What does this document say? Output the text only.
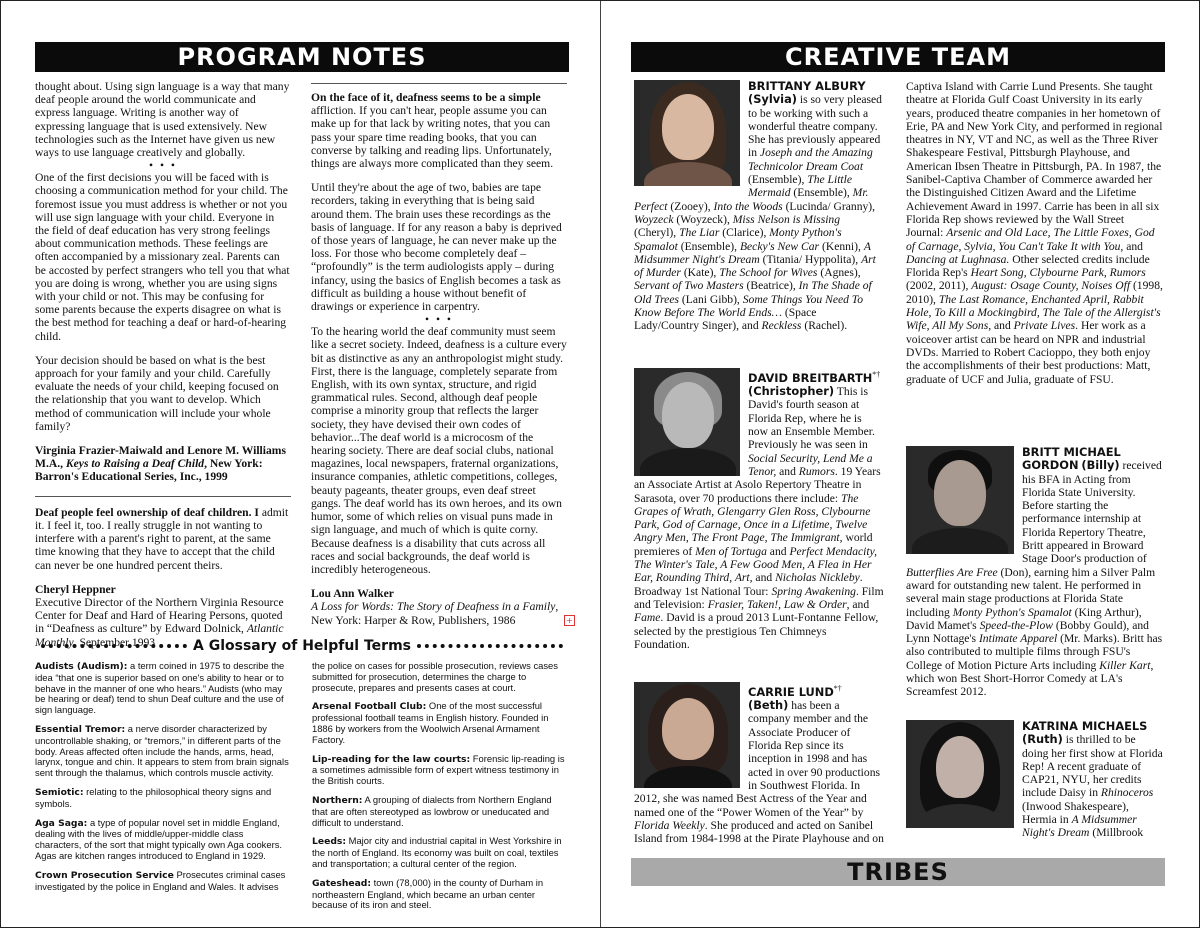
PROGRAM NOTES

thought about. Using sign language is a way that many deaf people around the world communicate and express language. Writing is another way of expressing language that is used extensively. New technologies such as the Internet have given us new ways to use language creatively and globally.

• • •

One of the first decisions you will be faced with is choosing a communication method for your child. The foremost issue you must address is whether or not you will use sign language with your child. Everyone in the field of deaf education has very strong feelings about communication methods. These feelings are often accompanied by a missionary zeal. Parents can be accosted by perfect strangers who tell you that what you are doing is wrong, whether you are using signs with your child or not. This may be confusing for some parents because the experts disagree on what is the best method for teaching a deaf or hard-of-hearing child.

Your decision should be based on what is the best approach for your family and your child. Carefully evaluate the needs of your child, keeping focused on the relationship that you want to develop. Which method of communication will include your whole family?

Virginia Frazier-Maiwald and Lenore M. Williams
M.A., Keys to Raising a Deaf Child, New York: Barron's Educational Series, Inc., 1999

Deaf people feel ownership of deaf children. I admit it. I feel it, too. I really struggle in not wanting to interfere with a parent's right to parent, at the same time knowing that they have to accept that the child can never be one hundred percent theirs.

Cheryl Heppner
Executive Director of the Northern Virginia Resource Center for Deaf and Hard of Hearing Persons, quoted in “Deafness as culture” by Edward Dolnick, Atlantic Monthly, September 1993

On the face of it, deafness seems to be a simple affliction. If you can't hear, people assume you can make up for that lack by writing notes, that you can pass your spare time reading books, that you can converse by talking and reading lips. Unfortunately, things are always more complicated than they seem.

Until they're about the age of two, babies are tape recorders, taking in everything that is being said around them. The brain uses these recordings as the basis of language. If for any reason a baby is deprived of those years of language, he can never make up the loss. For those who become completely deaf – “profoundly” is the term audiologists apply – during infancy, using the basics of English becomes a task as difficult as building a house without benefit of drawings or experience in carpentry.

• • •

To the hearing world the deaf community must seem like a secret society. Indeed, deafness is a culture every bit as distinctive as any an anthropologist might study. First, there is the language, completely separate from English, with its own syntax, structure, and rigid grammatical rules. Second, although deaf people comprise a minority group that reflects the larger society, they have devised their own codes of behavior...The deaf world is a microcosm of the hearing society. There are deaf social clubs, national magazines, local newspapers, fraternal organizations, insurance companies, athletic competitions, colleges, beauty pageants, theater groups, even deaf street gangs. The deaf world has its own heroes, and its own humor, some of which relies on visual puns made in sign language, and much of which is quite corny. Because deafness is a disability that cuts across all races and social backgrounds, the deaf world is incredibly heterogeneous.

Lou Ann Walker
A Loss for Words: The Story of Deafness in a Family, New York: Harper & Row, Publishers, 1986	+
A Glossary of Helpful Terms

Audists (Audism): a term coined in 1975 to describe the idea “that one is superior based on one's ability to hear or to behave in the manner of one who hears.” Audists (who may be hearing or deaf) tend to shun Deaf culture and the use of sign language.

Essential Tremor: a nerve disorder characterized by uncontrollable shaking, or “tremors,” in different parts of the body. Areas affected often include the hands, arms, head, larynx, tongue and chin. It appears to stem from brain signals sent through the thalamus, which controls muscle activity.

Semiotic: relating to the philosophical theory signs and symbols.

Aga Saga: a type of popular novel set in middle England, dealing with the lives of middle/upper-middle class characters, of the sort that might typically own Aga cookers. Agas are kitchen ranges introduced to England in 1929.

Crown Prosecution Service Prosecutes criminal cases investigated by the police in England and Wales. It advises

the police on cases for possible prosecution, reviews cases submitted for prosecution, determines the charge to prosecute, prepares and presents cases at court.

Arsenal Football Club: One of the most successful professional football teams in English history. Founded in 1886 by workers from the Woolwich Arsenal Armament Factory.

Lip-reading for the law courts: Forensic lip-reading is a sometimes admissible form of expert witness testimony in the British courts.

Northern: A grouping of dialects from Northern England that are often stereotyped as lowbrow or uneducated and difficult to understand.

Leeds: Major city and industrial capital in West Yorkshire in the north of England. Its economy was built on coal, textiles and transportation; a cultural center of the region.

Gateshead: town (78,000) in the county of Durham in northeastern England, which became an urban center because of its iron and steel.

CREATIVE TEAM
BRITTANY ALBURY
(Sylvia) is so very pleased to be working with such a wonderful theatre company. She has previously appeared in Joseph and the Amazing Technicolor Dream Coat (Ensemble), The Little Mermaid (Ensemble), Mr. Perfect (Zooey), Into the Woods (Lucinda/ Granny), Woyzeck (Woyzeck), Miss Nelson is Missing (Cheryl), The Liar (Clarice), Monty Python's Spamalot (Ensemble), Becky's New Car (Kenni), A Midsummer Night's Dream (Titania/ Hyppolita), Art of Murder (Kate), The School for Wives (Agnes), Servant of Two Masters (Beatrice), In The Shade of Old Trees (Lani Gibb), Some Things You Need To Know Before The World Ends… (Space Lady/Country Singer), and Reckless (Rachel).
DAVID BREITBARTH*†
(Christopher) This is David's fourth season at Florida Rep, where he is now an Ensemble Member. Previously he was seen in Social Security, Lend Me a Tenor, and Rumors. 19 Years an Associate Artist at Asolo Repertory Theatre in Sarasota, over 70 productions there include: The Grapes of Wrath, Glengarry Glen Ross, Clybourne Park, God of Carnage, Once in a Lifetime, Twelve Angry Men, The Front Page, The Immigrant, world premieres of Men of Tortuga and Perfect Mendacity, The Winter's Tale, A Few Good Men, A Flea in Her Ear, Rounding Third, Art, and Nicholas Nickleby. Broadway 1st National Tour: Spring Awakening. Film and Television: Frasier, Taken!, Law & Order, and Fame. David is a proud 2013 Lunt-Fontanne Fellow, selected by the prestigious Ten Chimneys Foundation.
CARRIE LUND*† (Beth) has been a company member and the Associate Producer of Florida Rep since its inception in 1998 and has acted in over 90 productions in Southwest Florida. In 2012, she was named Best Actress of the Year and named one of the “Power Women of the Year” by Florida Weekly. She produced and acted on Sanibel Island from 1984-1998 at the Pirate Playhouse and on
Captiva Island with Carrie Lund Presents. She taught theatre at Florida Gulf Coast University in its early years, produced theatre companies in her hometown of Erie, PA and New York City, and performed in regional theatres in NY, VT and NC, as well as the Three River Shakespeare Festival, Pittsburgh Playhouse, and American Ibsen Theatre in Pittsburgh, PA. In 1987, the Sanibel-Captiva Chamber of Commerce awarded her the Distinguished Citizen Award and the Lifetime Achievement Award in 1997. Carrie has been in all six Florida Rep shows reviewed by the Wall Street Journal: Arsenic and Old Lace, The Little Foxes, God of Carnage, Sylvia, You Can't Take It with You, and Dancing at Lughnasa. Other selected credits include Florida Rep's Heart Song, Clybourne Park, Rumors (2002, 2011), August: Osage County, Noises Off (1998, 2010), The Last Romance, Enchanted April, Rabbit Hole, To Kill a Mockingbird, The Tale of the Allergist's Wife, All My Sons, and Private Lives. Her work as a voiceover artist can be heard on NPR and industrial DVDs. Married to Robert Cacioppo, they both enjoy the accomplishments of their best productions: Matt, graduate of UCF and Julia, graduate of FSU.
BRITT MICHAEL GORDON (Billy) received his BFA in Acting from Florida State University. Before starting the performance internship at Florida Repertory Theatre, Britt appeared in Broward Stage Door's production of Butterflies Are Free (Don), earning him a Silver Palm award for outstanding new talent. He performed in several main stage productions at Florida State including Monty Python's Spamalot (King Arthur), David Mamet's Speed-the-Plow (Bobby Gould), and Lynn Nottage's Intimate Apparel (Mr. Marks). Britt has also contributed to multiple films through FSU's College of Motion Picture Arts including Killer Kart, which won Best Short-Horror Comedy at LA's Screamfest 2012.
KATRINA MICHAELS
(Ruth) is thrilled to be doing her first show at Florida Rep! A recent graduate of CAP21, NYU, her credits include Daisy in Rhinoceros (Inwood Shakespeare), Hermia in A Midsummer Night's Dream (Millbrook
TRIBES
